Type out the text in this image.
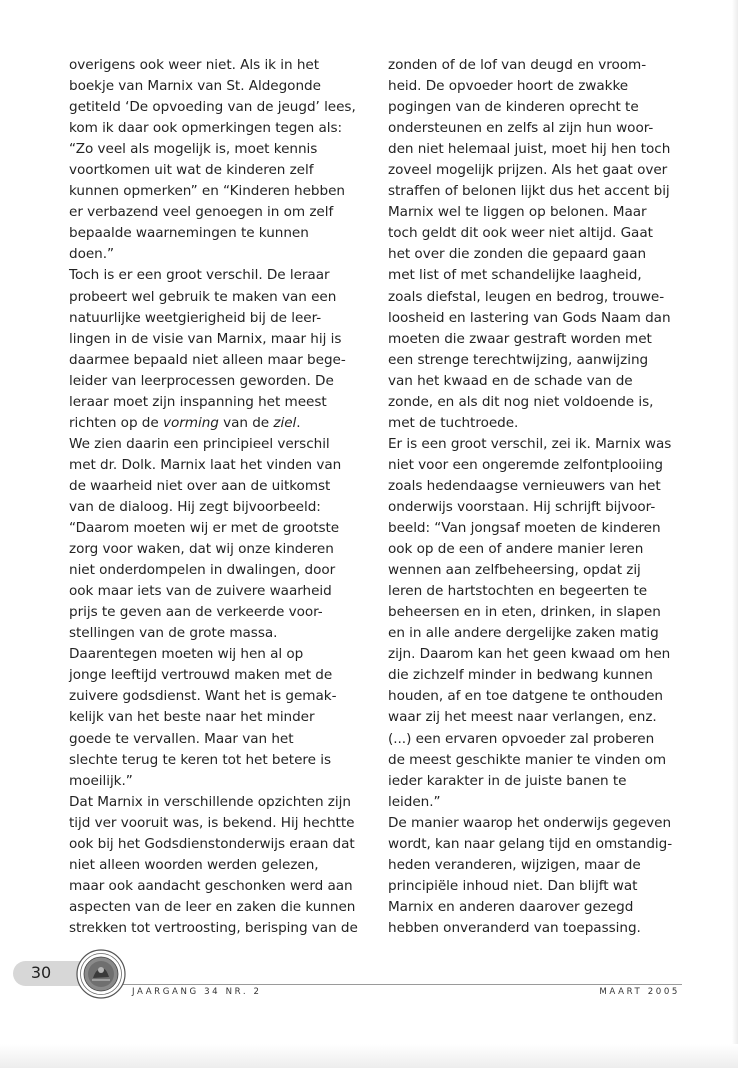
overigens ook weer niet. Als ik in het
boekje van Marnix van St. Aldegonde
getiteld ‘De opvoeding van de jeugd’ lees,
kom ik daar ook opmerkingen tegen als:
“Zo veel als mogelijk is, moet kennis
voortkomen uit wat de kinderen zelf
kunnen opmerken” en “Kinderen hebben
er verbazend veel genoegen in om zelf
bepaalde waarnemingen te kunnen
doen.”

Toch is er een groot verschil. De leraar
probeert wel gebruik te maken van een
natuurlijke weetgierigheid bij de leer-
lingen in de visie van Marnix, maar hij is
daarmee bepaald niet alleen maar bege-
leider van leerprocessen geworden. De
leraar moet zijn inspanning het meest
richten op de vorming van de ziel.

We zien daarin een principieel verschil
met dr. Dolk. Marnix laat het vinden van
de waarheid niet over aan de uitkomst
van de dialoog. Hij zegt bijvoorbeeld:
“Daarom moeten wij er met de grootste
zorg voor waken, dat wij onze kinderen
niet onderdompelen in dwalingen, door
ook maar iets van de zuivere waarheid
prijs te geven aan de verkeerde voor-
stellingen van de grote massa.
Daarentegen moeten wij hen al op
jonge leeftijd vertrouwd maken met de
zuivere godsdienst. Want het is gemak-
kelijk van het beste naar het minder
goede te vervallen. Maar van het
slechte terug te keren tot het betere is
moeilijk.”

Dat Marnix in verschillende opzichten zijn
tijd ver vooruit was, is bekend. Hij hechtte
ook bij het Godsdienstonderwijs eraan dat
niet alleen woorden werden gelezen,
maar ook aandacht geschonken werd aan
aspecten van de leer en zaken die kunnen
strekken tot vertroosting, berisping van de

zonden of de lof van deugd en vroom-
heid. De opvoeder hoort de zwakke
pogingen van de kinderen oprecht te
ondersteunen en zelfs al zijn hun woor-
den niet helemaal juist, moet hij hen toch
zoveel mogelijk prijzen. Als het gaat over
straffen of belonen lijkt dus het accent bij
Marnix wel te liggen op belonen. Maar
toch geldt dit ook weer niet altijd. Gaat
het over die zonden die gepaard gaan
met list of met schandelijke laagheid,
zoals diefstal, leugen en bedrog, trouwe-
loosheid en lastering van Gods Naam dan
moeten die zwaar gestraft worden met
een strenge terechtwijzing, aanwijzing
van het kwaad en de schade van de
zonde, en als dit nog niet voldoende is,
met de tuchtroede.

Er is een groot verschil, zei ik. Marnix was
niet voor een ongeremde zelfontplooiing
zoals hedendaagse vernieuwers van het
onderwijs voorstaan. Hij schrijft bijvoor-
beeld: “Van jongsaf moeten de kinderen
ook op de een of andere manier leren
wennen aan zelfbeheersing, opdat zij
leren de hartstochten en begeerten te
beheersen en in eten, drinken, in slapen
en in alle andere dergelijke zaken matig
zijn. Daarom kan het geen kwaad om hen
die zichzelf minder in bedwang kunnen
houden, af en toe datgene te onthouden
waar zij het meest naar verlangen, enz.
(...) een ervaren opvoeder zal proberen
de meest geschikte manier te vinden om
ieder karakter in de juiste banen te
leiden.”

De manier waarop het onderwijs gegeven
wordt, kan naar gelang tijd en omstandig-
heden veranderen, wijzigen, maar de
principiële inhoud niet. Dan blijft wat
Marnix en anderen daarover gezegd
hebben onveranderd van toepassing.

30
JAARGANG 34 NR. 2	MAART 2005
